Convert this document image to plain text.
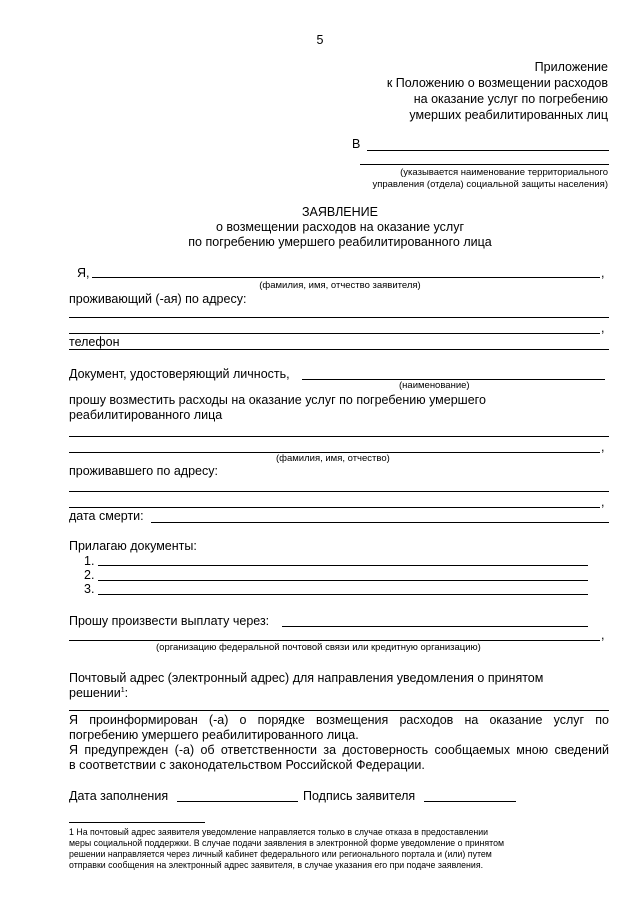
5
Приложение
к Положению о возмещении расходов
на оказание услуг по погребению
умерших реабилитированных лиц
В
(указывается наименование территориального
управления (отдела) социальной защиты населения)
ЗАЯВЛЕНИЕ
о возмещении расходов на оказание услуг
по погребению умершего реабилитированного лица
Я,	,
(фамилия, имя, отчество заявителя)
проживающий (-ая) по адресу:
,
телефон
Документ, удостоверяющий личность,
(наименование)
прошу возместить расходы на оказание услуг по погребению умершего
реабилитированного лица
,
(фамилия, имя, отчество)
проживавшего по адресу:
,
дата смерти:
Прилагаю документы:
1.
2.
3.
Прошу произвести выплату через:
,
(организацию федеральной почтовой связи или кредитную организацию)
Почтовый адрес (электронный адрес) для направления уведомления о принятом
решении$^1$:
Я проинформирован (-а) о порядке возмещения расходов на оказание услуг по
погребению умершего реабилитированного лица.
Я предупрежден (-а) об ответственности за достоверность сообщаемых мною сведений
в соответствии с законодательством Российской Федерации.
Дата заполнения	Подпись заявителя
1 На почтовый адрес заявителя уведомление направляется только в случае отказа в предоставлении
меры социальной поддержки. В случае подачи заявления в электронной форме уведомление о принятом
решении направляется через личный кабинет федерального или регионального портала и (или) путем
отправки сообщения на электронный адрес заявителя, в случае указания его при подаче заявления.
